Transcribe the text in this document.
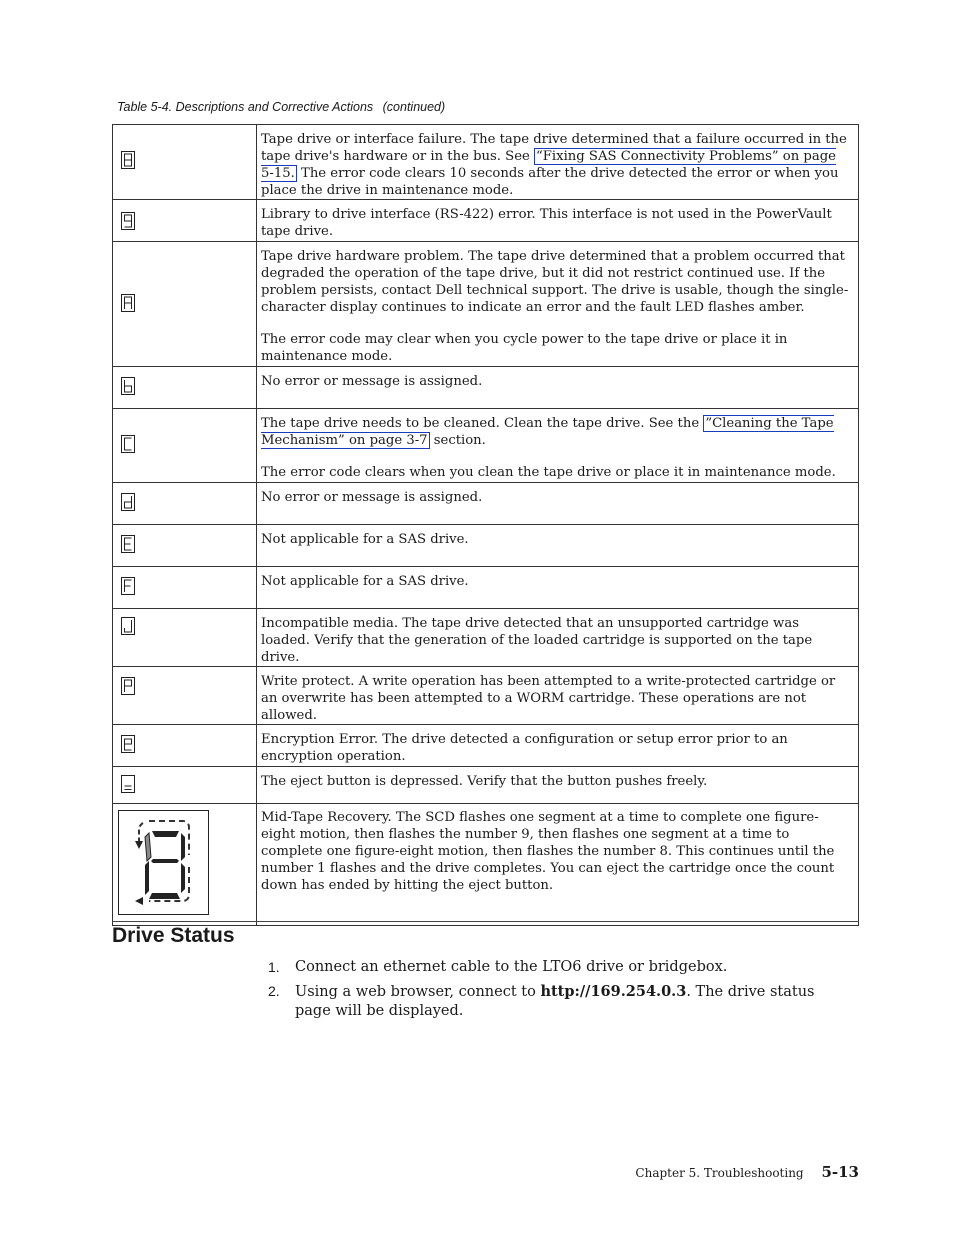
Table 5-4. Descriptions and Corrective Actions (continued)

Tape drive or interface failure. The tape drive determined that a failure occurred in the tape drive's hardware or in the bus. See “Fixing SAS Connectivity Problems” on page 5-15. The error code clears 10 seconds after the drive detected the error or when you place the drive in maintenance mode.

Library to drive interface (RS-422) error. This interface is not used in the PowerVault tape drive.

Tape drive hardware problem. The tape drive determined that a problem occurred that degraded the operation of the tape drive, but it did not restrict continued use. If the problem persists, contact Dell technical support. The drive is usable, though the single-character display continues to indicate an error and the fault LED flashes amber.

The error code may clear when you cycle power to the tape drive or place it in maintenance mode.

No error or message is assigned.

The tape drive needs to be cleaned. Clean the tape drive. See the ”Cleaning the Tape Mechanism” on page 3-7 section.

The error code clears when you clean the tape drive or place it in maintenance mode.

No error or message is assigned.

Not applicable for a SAS drive.

Not applicable for a SAS drive.

Incompatible media. The tape drive detected that an unsupported cartridge was loaded. Verify that the generation of the loaded cartridge is supported on the tape drive.

Write protect. A write operation has been attempted to a write-protected cartridge or an overwrite has been attempted to a WORM cartridge. These operations are not allowed.

Encryption Error. The drive detected a configuration or setup error prior to an encryption operation.

The eject button is depressed. Verify that the button pushes freely.

Mid-Tape Recovery. The SCD flashes one segment at a time to complete one figure-eight motion, then flashes the number 9, then flashes one segment at a time to complete one figure-eight motion, then flashes the number 8. This continues until the number 1 flashes and the drive completes. You can eject the cartridge once the count down has ended by hitting the eject button.

Drive Status
1. Connect an ethernet cable to the LTO6 drive or bridgebox.
2. Using a web browser, connect to http://169.254.0.3. The drive status page will be displayed.
Chapter 5. Troubleshooting 5-13
